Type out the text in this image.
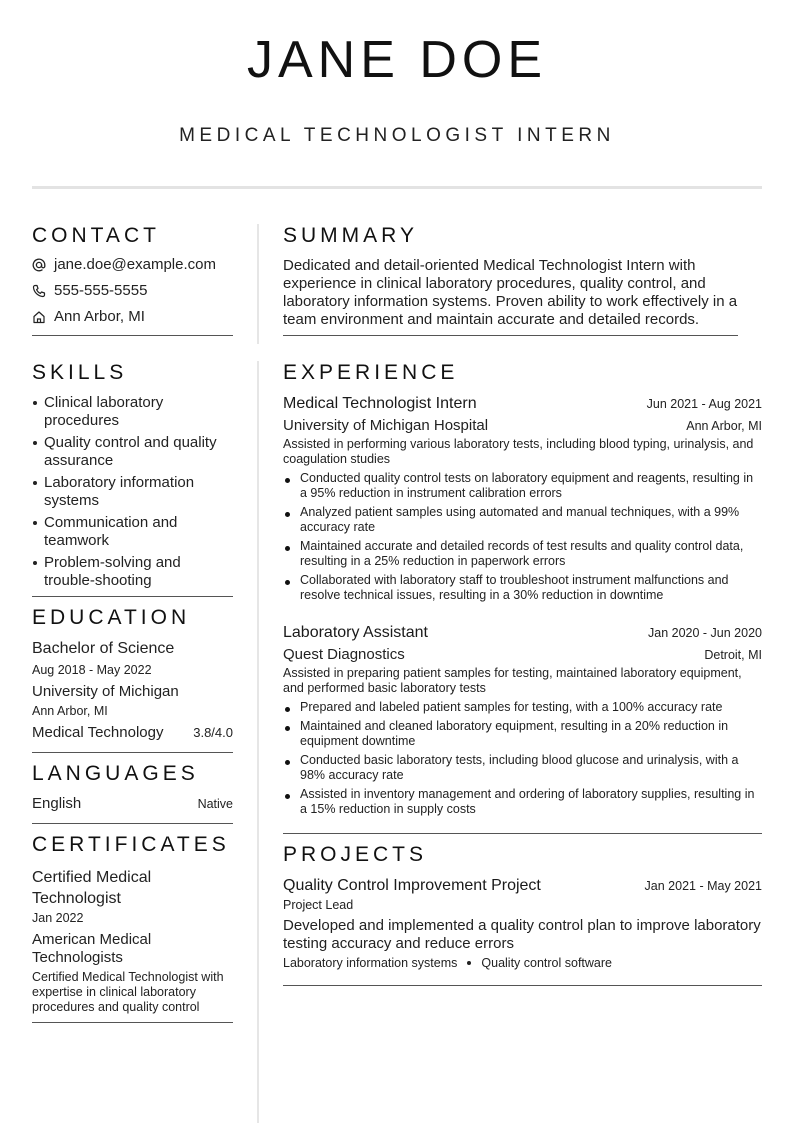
JANE DOE
MEDICAL TECHNOLOGIST INTERN
CONTACT
jane.doe@example.com
555-555-5555
Ann Arbor, MI
SKILLS
Clinical laboratory procedures
Quality control and quality assurance
Laboratory information systems
Communication and teamwork
Problem-solving and trouble-shooting
EDUCATION
Bachelor of Science
Aug 2018 - May 2022
University of Michigan
Ann Arbor, MI
Medical Technology 3.8/4.0
LANGUAGES
English	Native
CERTIFICATES
Certified Medical Technologist
Jan 2022
American Medical Technologists
Certified Medical Technologist with expertise in clinical laboratory procedures and quality control
SUMMARY
Dedicated and detail-oriented Medical Technologist Intern with experience in clinical laboratory procedures, quality control, and laboratory information systems. Proven ability to work effectively in a team environment and maintain accurate and detailed records.
EXPERIENCE
Medical Technologist Intern	Jun 2021 - Aug 2021
University of Michigan Hospital	Ann Arbor, MI
Assisted in performing various laboratory tests, including blood typing, urinalysis, and coagulation studies
Conducted quality control tests on laboratory equipment and reagents, resulting in a 95% reduction in instrument calibration errors
Analyzed patient samples using automated and manual techniques, with a 99% accuracy rate
Maintained accurate and detailed records of test results and quality control data, resulting in a 25% reduction in paperwork errors
Collaborated with laboratory staff to troubleshoot instrument malfunctions and resolve technical issues, resulting in a 30% reduction in downtime
Laboratory Assistant	Jan 2020 - Jun 2020
Quest Diagnostics	Detroit, MI
Assisted in preparing patient samples for testing, maintained laboratory equipment, and performed basic laboratory tests
Prepared and labeled patient samples for testing, with a 100% accuracy rate
Maintained and cleaned laboratory equipment, resulting in a 20% reduction in equipment downtime
Conducted basic laboratory tests, including blood glucose and urinalysis, with a 98% accuracy rate
Assisted in inventory management and ordering of laboratory supplies, resulting in a 15% reduction in supply costs
PROJECTS
Quality Control Improvement Project	Jan 2021 - May 2021
Project Lead
Developed and implemented a quality control plan to improve laboratory testing accuracy and reduce errors
Laboratory information systems Quality control software
